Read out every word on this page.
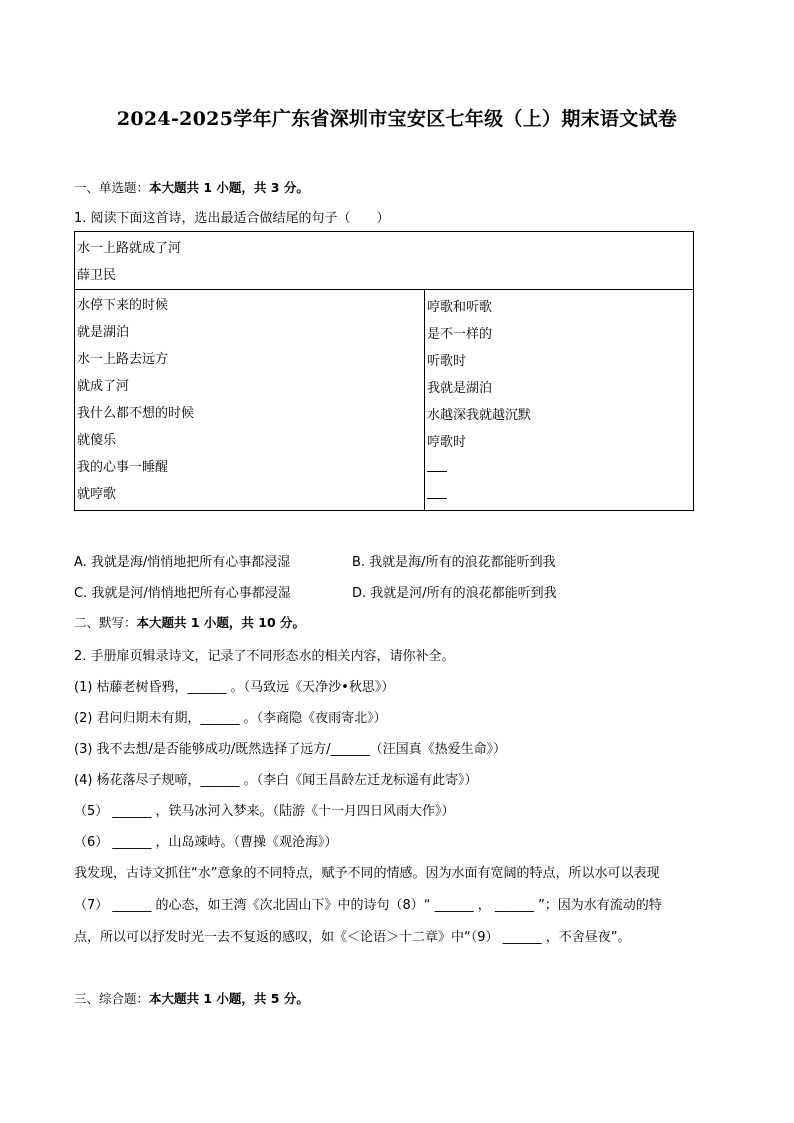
2024-2025学年广东省深圳市宝安区七年级（上）期末语文试卷
一、单选题：本大题共 1 小题，共 3 分。
1. 阅读下面这首诗，选出最适合做结尾的句子（　　）
水一上路就成了河
薛卫民
水停下来的时候
就是湖泊
水一上路去远方
就成了河
我什么都不想的时候
就傻乐
我的心事一睡醒
就哼歌
哼歌和听歌
是不一样的
听歌时
我就是湖泊
水越深我就越沉默
哼歌时
A. 我就是海/悄悄地把所有心事都浸湿	B. 我就是海/所有的浪花都能听到我
C. 我就是河/悄悄地把所有心事都浸湿	D. 我就是河/所有的浪花都能听到我
二、默写：本大题共 1 小题，共 10 分。
2. 手册扉页辑录诗文，记录了不同形态水的相关内容，请你补全。
(1) 枯藤老树昏鸦，______ 。（马致远《天净沙•秋思》）
(2) 君问归期未有期，______ 。（李商隐《夜雨寄北》）
(3) 我不去想/是否能够成功/既然选择了远方/______（汪国真《热爱生命》）
(4) 杨花落尽子规啼，______ 。（李白《闻王昌龄左迁龙标遥有此寄》）
（5） ______ ，铁马冰河入梦来。（陆游《十一月四日风雨大作》）
（6） ______ ，山岛竦峙。（曹操《观沧海》）
我发现，古诗文抓住“水”意象的不同特点，赋予不同的情感。因为水面有宽阔的特点，所以水可以表现
（7） ______ 的心态，如王湾《次北固山下》中的诗句（8）“ ______ ， ______ ”；因为水有流动的特
点，所以可以抒发时光一去不复返的感叹，如《＜论语＞十二章》中“（9） ______ ，不舍昼夜”。
三、综合题：本大题共 1 小题，共 5 分。
